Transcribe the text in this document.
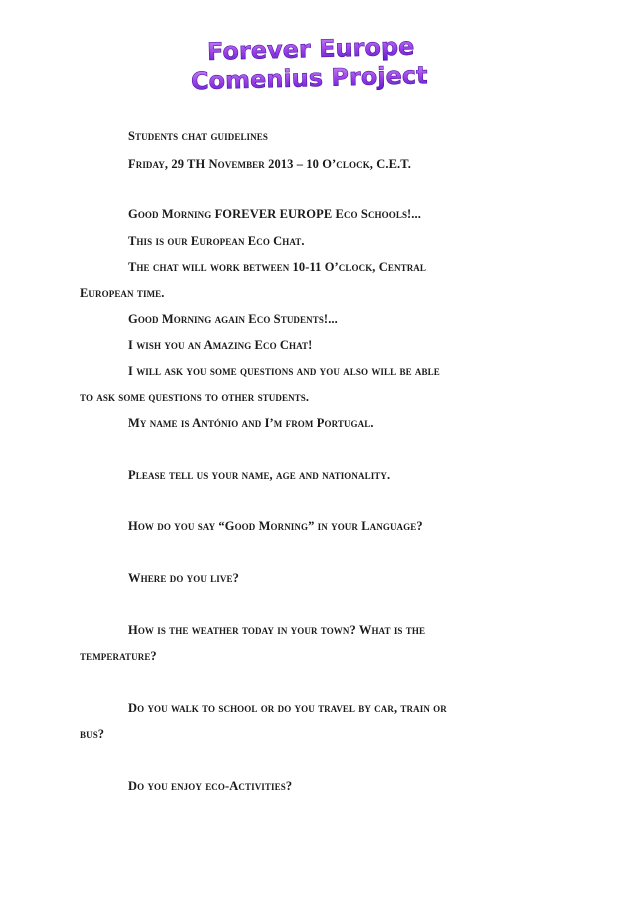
Forever Europe
Comenius Project
Students chat guidelines
Friday, 29 TH November 2013 – 10 O’clock, C.E.T.
Good Morning FOREVER EUROPE Eco Schools!...
This is our European Eco Chat.
The chat will work between 10-11 O’clock, Central
European time.
Good Morning again Eco Students!...
I wish you an Amazing Eco Chat!
I will ask you some questions and you also will be able
to ask some questions to other students.
My name is António and I’m from Portugal.
Please tell us your name, age and nationality.
How do you say “Good Morning” in your Language?
Where do you live?
How is the weather today in your town? What is the
temperature?
Do you walk to school or do you travel by car, train or
bus?
Do you enjoy eco-Activities?
